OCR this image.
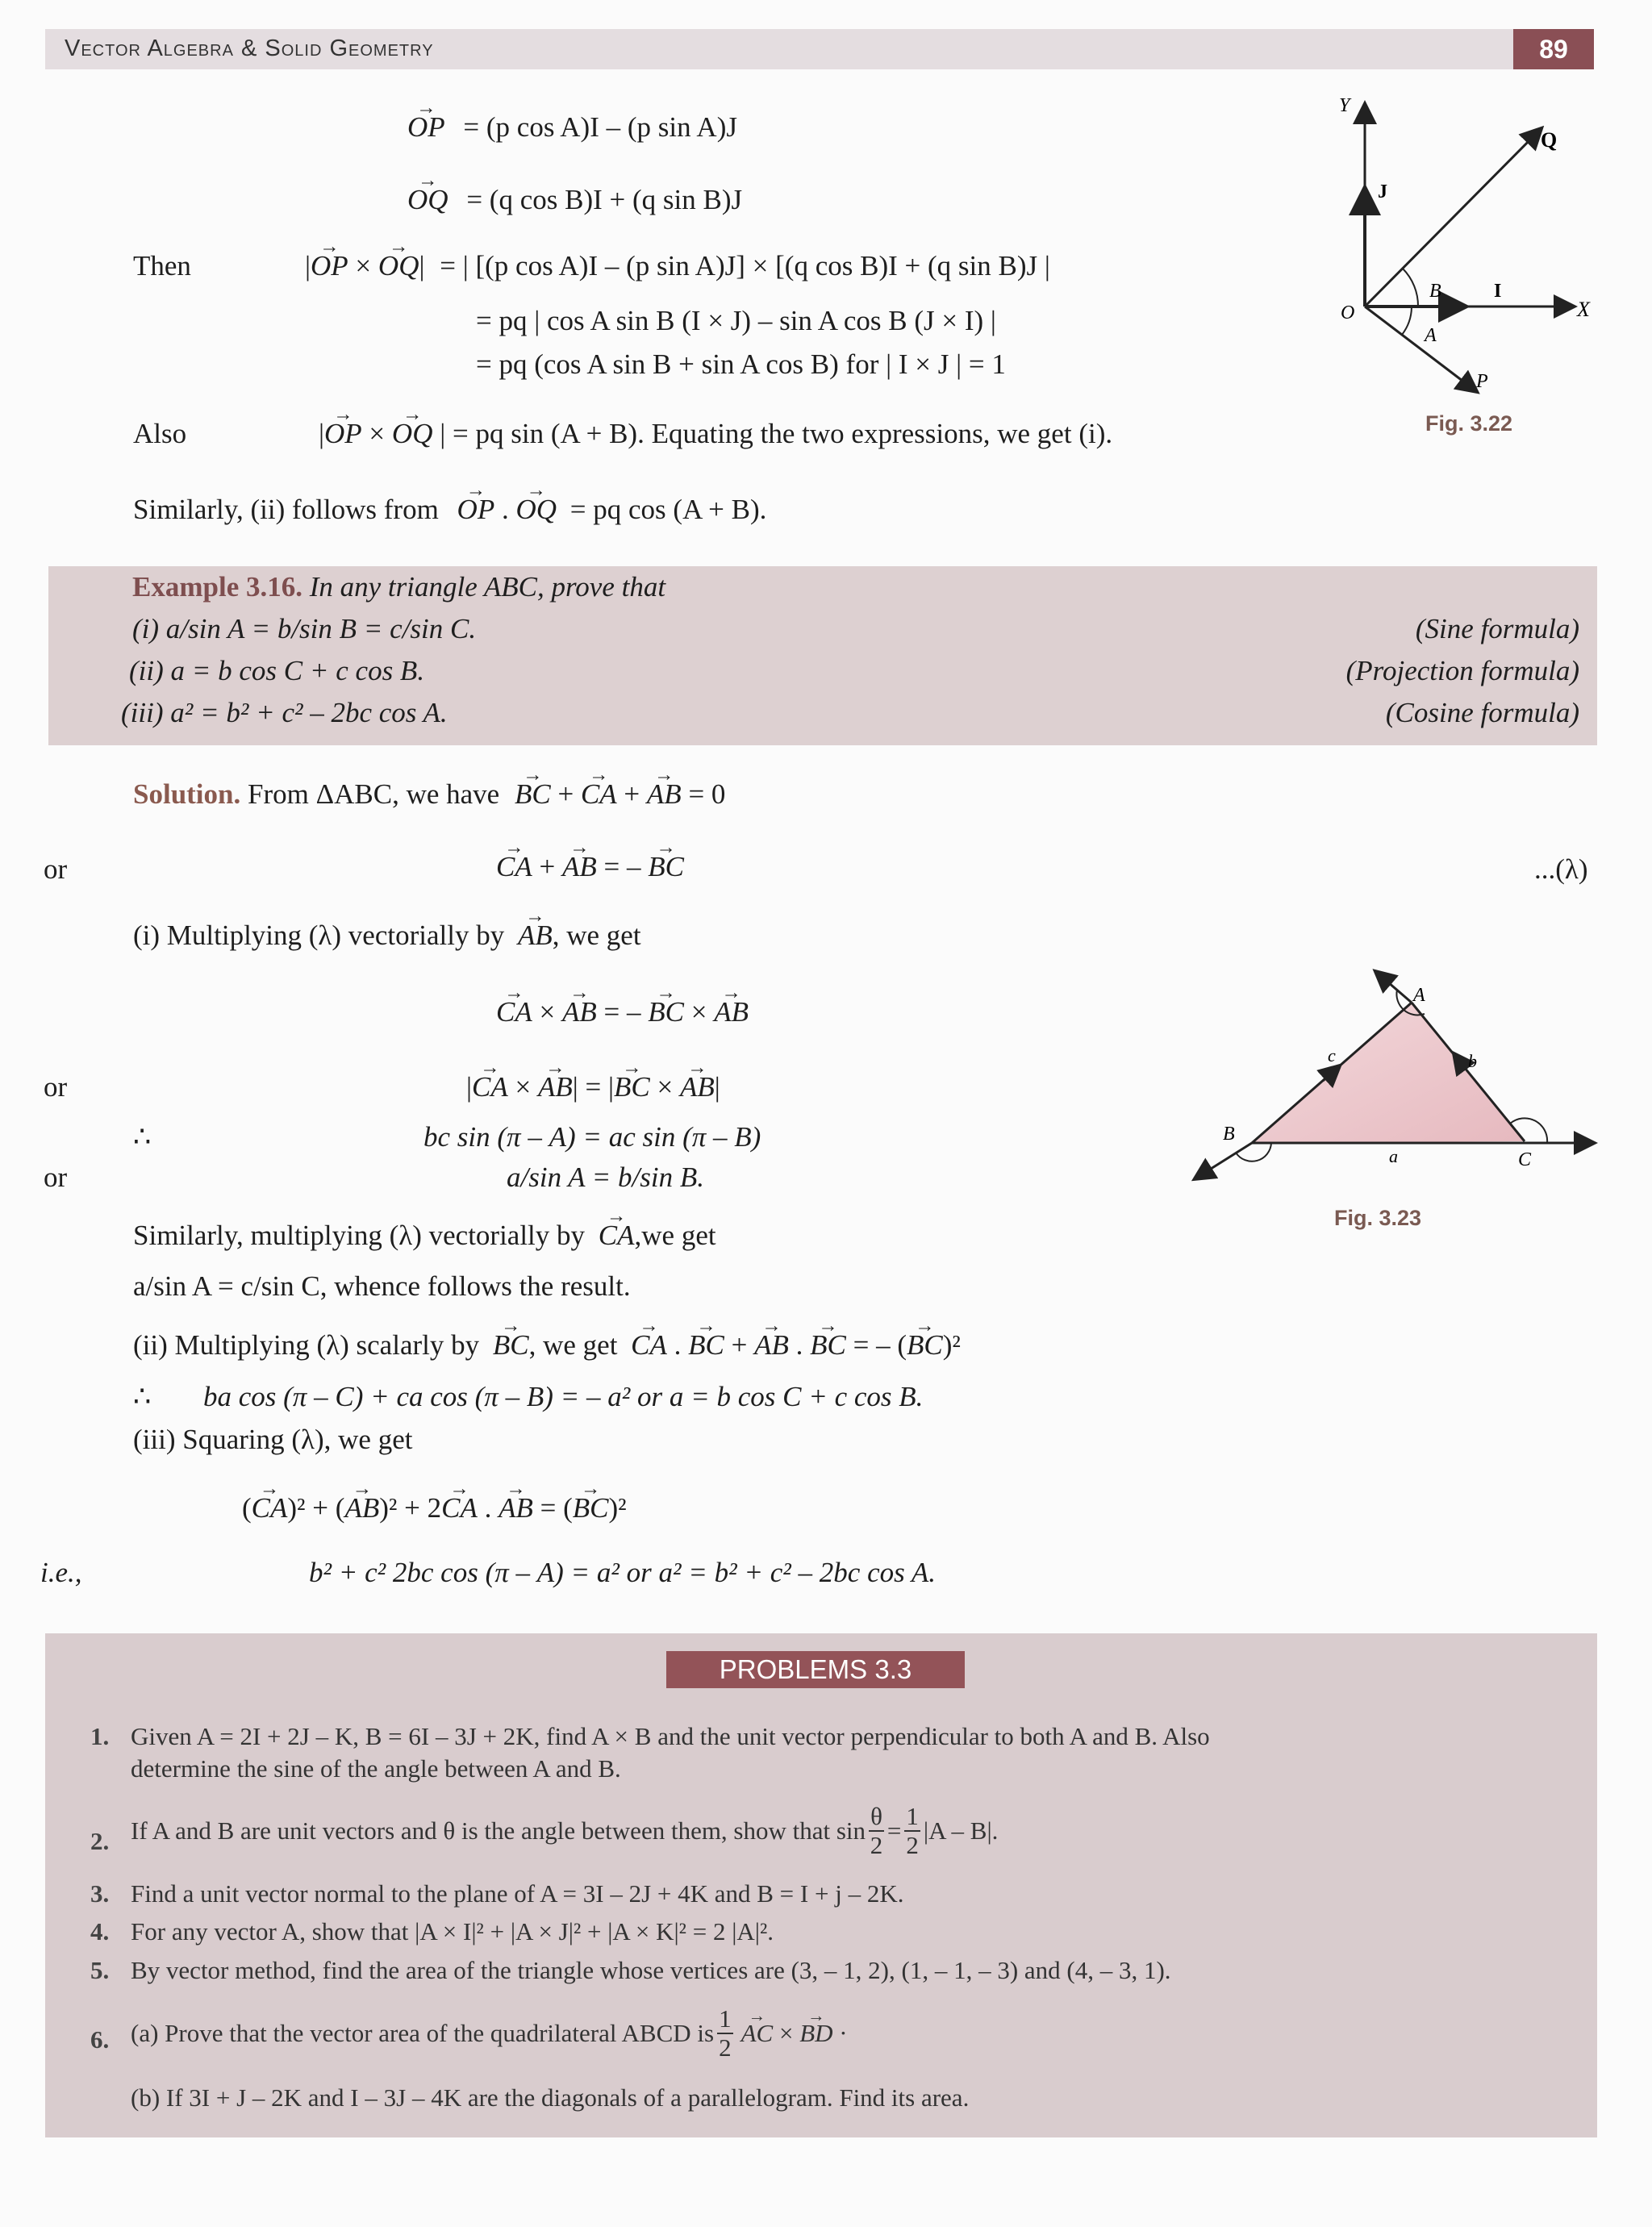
Vector Algebra & Solid Geometry	89
→ OP = (p cos A)I – (p sin A)J
→ OQ = (q cos B)I + (q sin B)J
Then	|→ OP × → OQ| = | [(p cos A)I – (p sin A)J] × [(q cos B)I + (q sin B)J |
= pq | cos A sin B (I × J) – sin A cos B (J × I) |
= pq (cos A sin B + sin A cos B) for | I × J | = 1
Also	|→ OP × → OQ | = pq sin (A + B). Equating the two expressions, we get (i).
Similarly, (ii) follows from → OP . → OQ = pq cos (A + B).
Y
X
O
Q
P
J
I
B
A
Fig. 3.22
Example 3.16. In any triangle ABC, prove that
(i) a/sin A = b/sin B = c/sin C.	(Sine formula)
(ii) a = b cos C + c cos B.	(Projection formula)
(iii) a² = b² + c² – 2bc cos A.	(Cosine formula)
Solution. From ΔABC, we have → BC + → CA + → AB = 0
or	→ CA + → AB = – → BC	...(λ)
(i) Multiplying (λ) vectorially by → AB, we get
→ CA × → AB = – → BC × → AB
or	|→ CA × → AB| = |→ BC × → AB|
∴	bc sin (π – A) = ac sin (π – B)
or	a/sin A = b/sin B.
Similarly, multiplying (λ) vectorially by → CA,we get
a/sin A = c/sin C, whence follows the result.
(ii) Multiplying (λ) scalarly by → BC, we get → CA . → BC + → AB . → BC = – (→ BC)²
∴ ba cos (π – C) + ca cos (π – B) = – a² or a = b cos C + c cos B.
(iii) Squaring (λ), we get
(→ CA)² + (→ AB)² + 2→ CA . → AB = (→ BC)²
i.e.,	b² + c² 2bc cos (π – A) = a² or a² = b² + c² – 2bc cos A.
A
B
C
a
b
c
Fig. 3.23
PROBLEMS 3.3
1. Given A = 2I + 2J – K, B = 6I – 3J + 2K, find A × B and the unit vector perpendicular to both A and B. Also
determine the sine of the angle between A and B.
2. If A and B are unit vectors and θ is the angle between them, show that $\sin \frac{\theta}{2} = \frac{1}{2} |A - B|$.
3. Find a unit vector normal to the plane of A = 3I – 2J + 4K and B = I + j – 2K.
4. For any vector A, show that |A × I|² + |A × J|² + |A × K|² = 2 |A|².
5. By vector method, find the area of the triangle whose vertices are (3, – 1, 2), (1, – 1, – 3) and (4, – 3, 1).
6. (a) Prove that the vector area of the quadrilateral ABCD is $\frac{1}{2}$ → AC × → BD ·
(b) If 3I + J – 2K and I – 3J – 4K are the diagonals of a parallelogram. Find its area.
